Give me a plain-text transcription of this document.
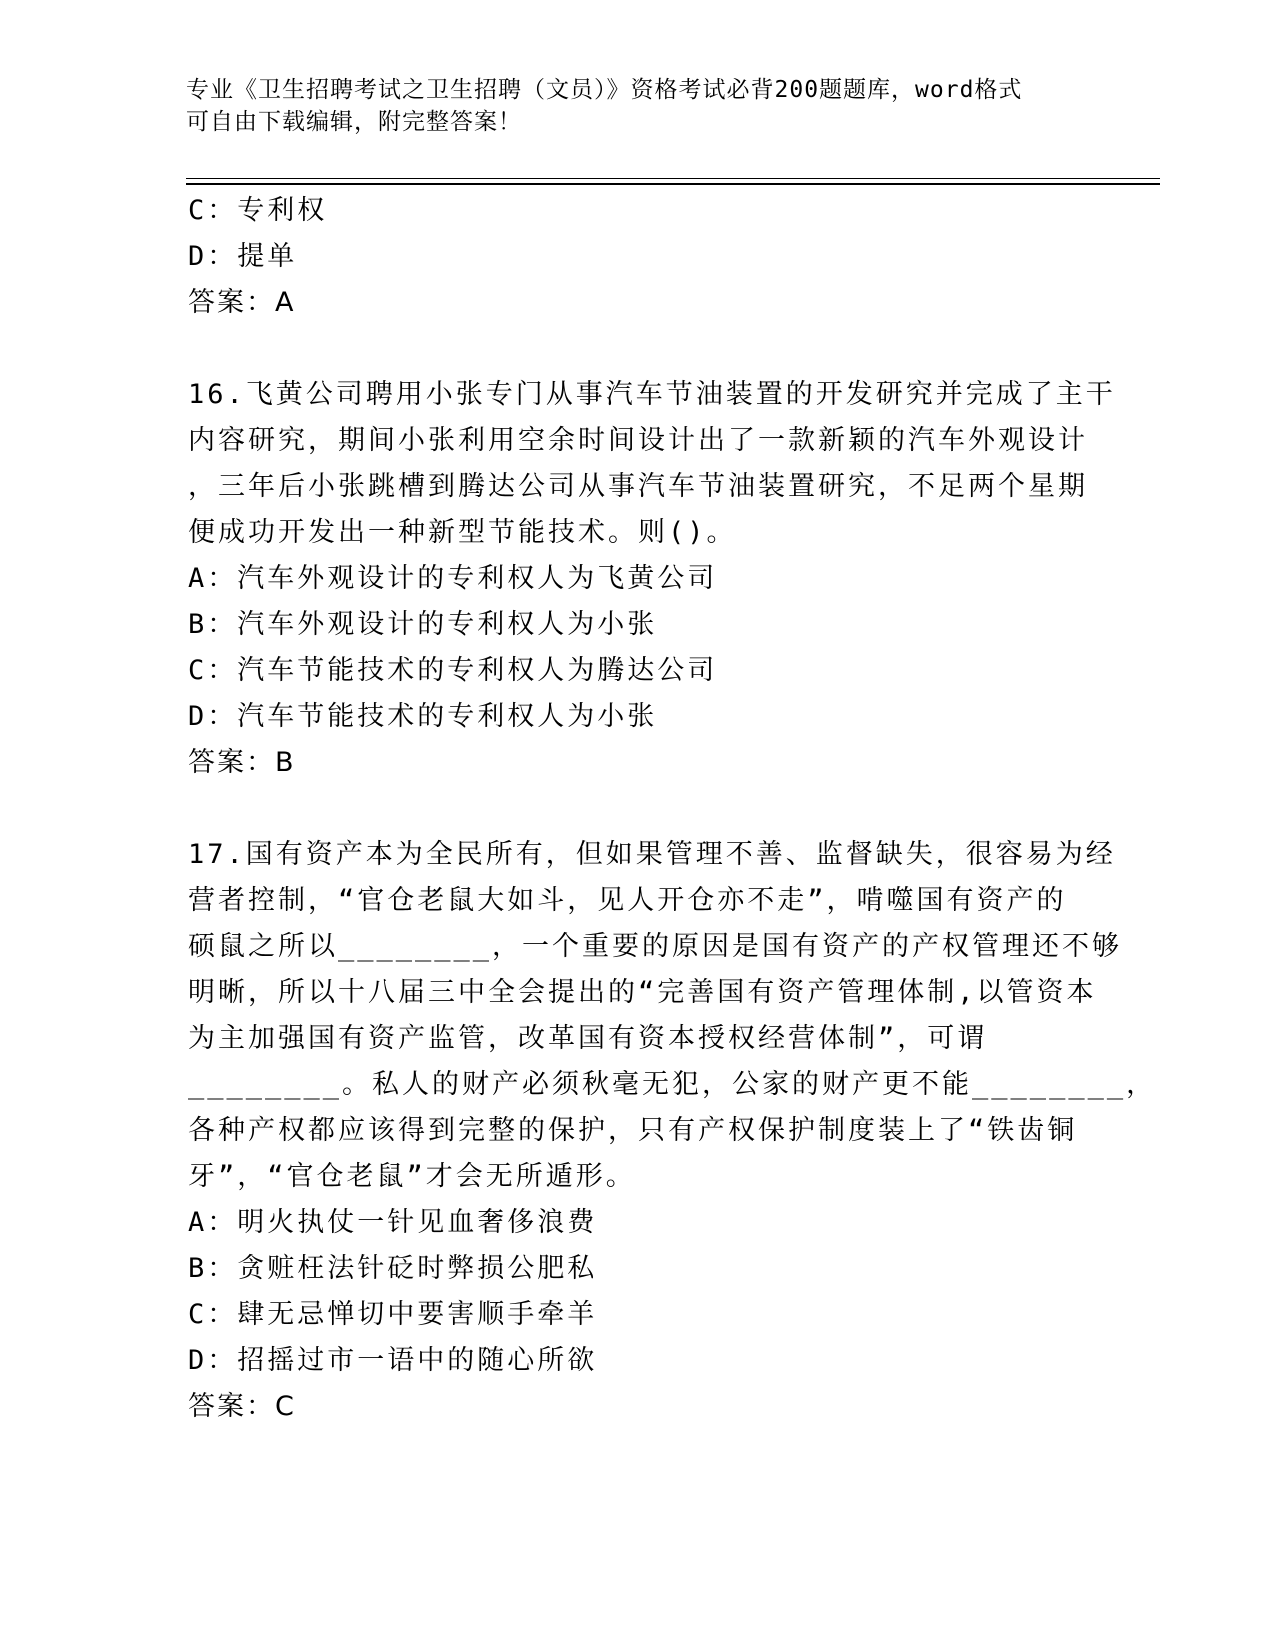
专业《卫生招聘考试之卫生招聘（文员）》资格考试必背200题题库，word格式
可自由下载编辑，附完整答案！
C：专利权
D：提单
答案：A
16.飞黄公司聘用小张专门从事汽车节油装置的开发研究并完成了主干
内容研究，期间小张利用空余时间设计出了一款新颖的汽车外观设计
，三年后小张跳槽到腾达公司从事汽车节油装置研究，不足两个星期
便成功开发出一种新型节能技术。则()。
A：汽车外观设计的专利权人为飞黄公司
B：汽车外观设计的专利权人为小张
C：汽车节能技术的专利权人为腾达公司
D：汽车节能技术的专利权人为小张
答案：B
17.国有资产本为全民所有，但如果管理不善、监督缺失，很容易为经
营者控制，“官仓老鼠大如斗，见人开仓亦不走”，啃噬国有资产的
硕鼠之所以________，一个重要的原因是国有资产的产权管理还不够
明晰，所以十八届三中全会提出的“完善国有资产管理体制,以管资本
为主加强国有资产监管，改革国有资本授权经营体制”，可谓
________。私人的财产必须秋毫无犯，公家的财产更不能________，
各种产权都应该得到完整的保护，只有产权保护制度装上了“铁齿铜
牙”，“官仓老鼠”才会无所遁形。
A：明火执仗一针见血奢侈浪费
B：贪赃枉法针砭时弊损公肥私
C：肆无忌惮切中要害顺手牵羊
D：招摇过市一语中的随心所欲
答案：C
